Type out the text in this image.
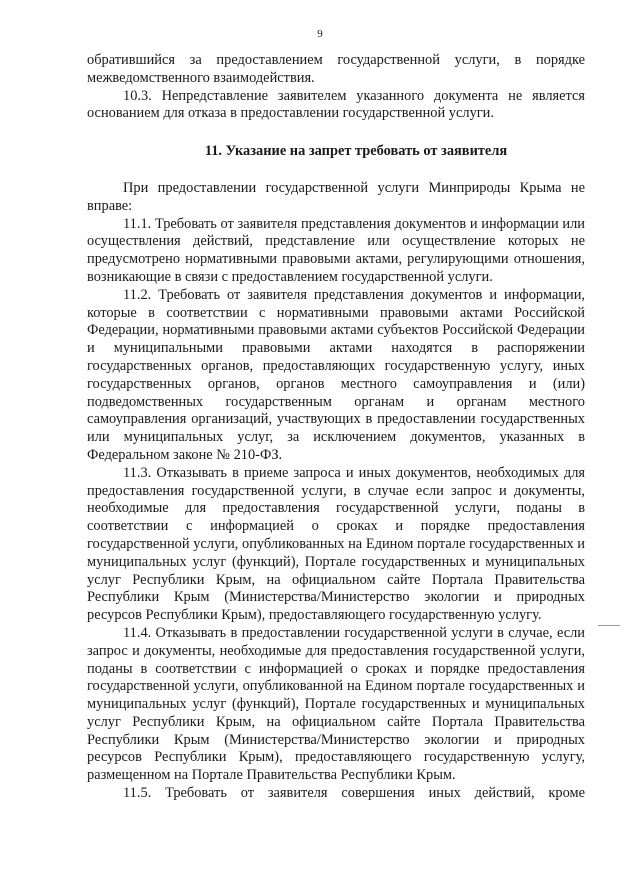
9

обратившийся за предоставлением государственной услуги, в порядке межведомственного взаимодействия.

10.3. Непредставление заявителем указанного документа не является основанием для отказа в предоставлении государственной услуги.

11. Указание на запрет требовать от заявителя

При предоставлении государственной услуги Минприроды Крыма не вправе:

11.1. Требовать от заявителя представления документов и информации или осуществления действий, представление или осуществление которых не предусмотрено нормативными правовыми актами, регулирующими отношения, возникающие в связи с предоставлением государственной услуги.

11.2. Требовать от заявителя представления документов и информации, которые в соответствии с нормативными правовыми актами Российской Федерации, нормативными правовыми актами субъектов Российской Федерации и муниципальными правовыми актами находятся в распоряжении государственных органов, предоставляющих государственную услугу, иных государственных органов, органов местного самоуправления и (или) подведомственных государственным органам и органам местного самоуправления организаций, участвующих в предоставлении государственных или муниципальных услуг, за исключением документов, указанных в Федеральном законе № 210-ФЗ.

11.3. Отказывать в приеме запроса и иных документов, необходимых для предоставления государственной услуги, в случае если запрос и документы, необходимые для предоставления государственной услуги, поданы в соответствии с информацией о сроках и порядке предоставления государственной услуги, опубликованных на Едином портале государственных и муниципальных услуг (функций), Портале государственных и муниципальных услуг Республики Крым, на официальном сайте Портала Правительства Республики Крым (Министерства/Министерство экологии и природных ресурсов Республики Крым), предоставляющего государственную услугу.

11.4. Отказывать в предоставлении государственной услуги в случае, если запрос и документы, необходимые для предоставления государственной услуги, поданы в соответствии с информацией о сроках и порядке предоставления государственной услуги, опубликованной на Едином портале государственных и муниципальных услуг (функций), Портале государственных и муниципальных услуг Республики Крым, на официальном сайте Портала Правительства Республики Крым (Министерства/Министерство экологии и природных ресурсов Республики Крым), предоставляющего государственную услугу, размещенном на Портале Правительства Республики Крым.

11.5. Требовать от заявителя совершения иных действий, кроме
